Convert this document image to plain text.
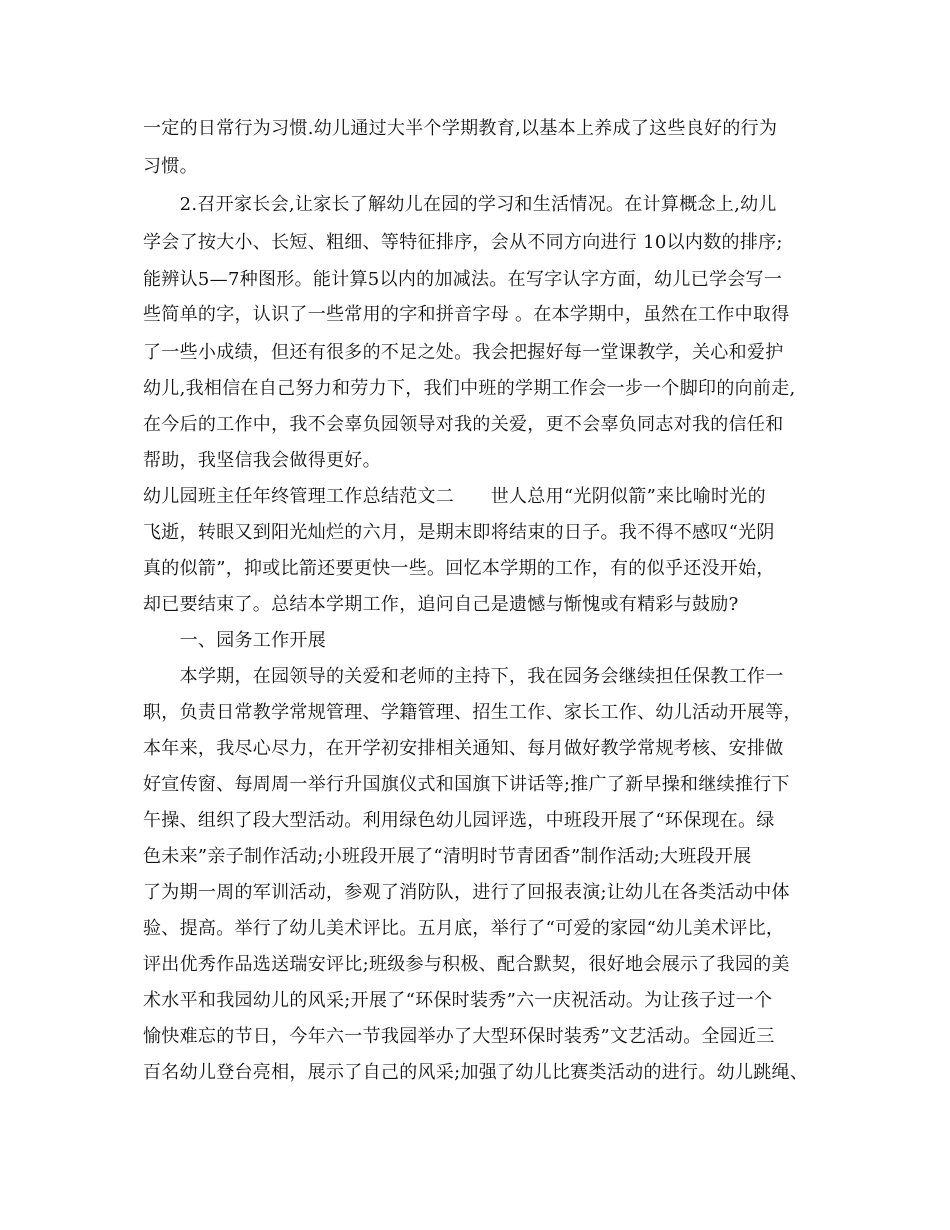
一定的日常行为习惯.幼儿通过大半个学期教育,以基本上养成了这些良好的行为
习惯。
　　2.召开家长会,让家长了解幼儿在园的学习和生活情况。在计算概念上,幼儿
学会了按大小、长短、粗细、等特征排序，会从不同方向进行 10以内数的排序;
能辨认5—7种图形。能计算5以内的加减法。在写字认字方面，幼儿已学会写一
些简单的字，认识了一些常用的字和拼音字母 。在本学期中，虽然在工作中取得
了一些小成绩，但还有很多的不足之处。我会把握好每一堂课教学，关心和爱护
幼儿,我相信在自己努力和劳力下，我们中班的学期工作会一步一个脚印的向前走,
在今后的工作中，我不会辜负园领导对我的关爱，更不会辜负同志对我的信任和
帮助，我坚信我会做得更好。
幼儿园班主任年终管理工作总结范文二　　世人总用“光阴似箭”来比喻时光的
飞逝，转眼又到阳光灿烂的六月，是期末即将结束的日子。我不得不感叹“光阴
真的似箭”，抑或比箭还要更快一些。回忆本学期的工作，有的似乎还没开始，
却已要结束了。总结本学期工作，追问自己是遗憾与惭愧或有精彩与鼓励?
　　一、园务工作开展
　　本学期，在园领导的关爱和老师的主持下，我在园务会继续担任保教工作一
职，负责日常教学常规管理、学籍管理、招生工作、家长工作、幼儿活动开展等，
本年来，我尽心尽力，在开学初安排相关通知、每月做好教学常规考核、安排做
好宣传窗、每周周一举行升国旗仪式和国旗下讲话等;推广了新早操和继续推行下
午操、组织了段大型活动。利用绿色幼儿园评选，中班段开展了“环保现在。绿
色未来”亲子制作活动;小班段开展了“清明时节青团香”制作活动;大班段开展
了为期一周的军训活动，参观了消防队，进行了回报表演;让幼儿在各类活动中体
验、提高。举行了幼儿美术评比。五月底，举行了“可爱的家园“幼儿美术评比，
评出优秀作品选送瑞安评比;班级参与积极、配合默契，很好地会展示了我园的美
术水平和我园幼儿的风采;开展了“环保时装秀”六一庆祝活动。为让孩子过一个
愉快难忘的节日，今年六一节我园举办了大型环保时装秀”文艺活动。全园近三
百名幼儿登台亮相，展示了自己的风采;加强了幼儿比赛类活动的进行。幼儿跳绳、
